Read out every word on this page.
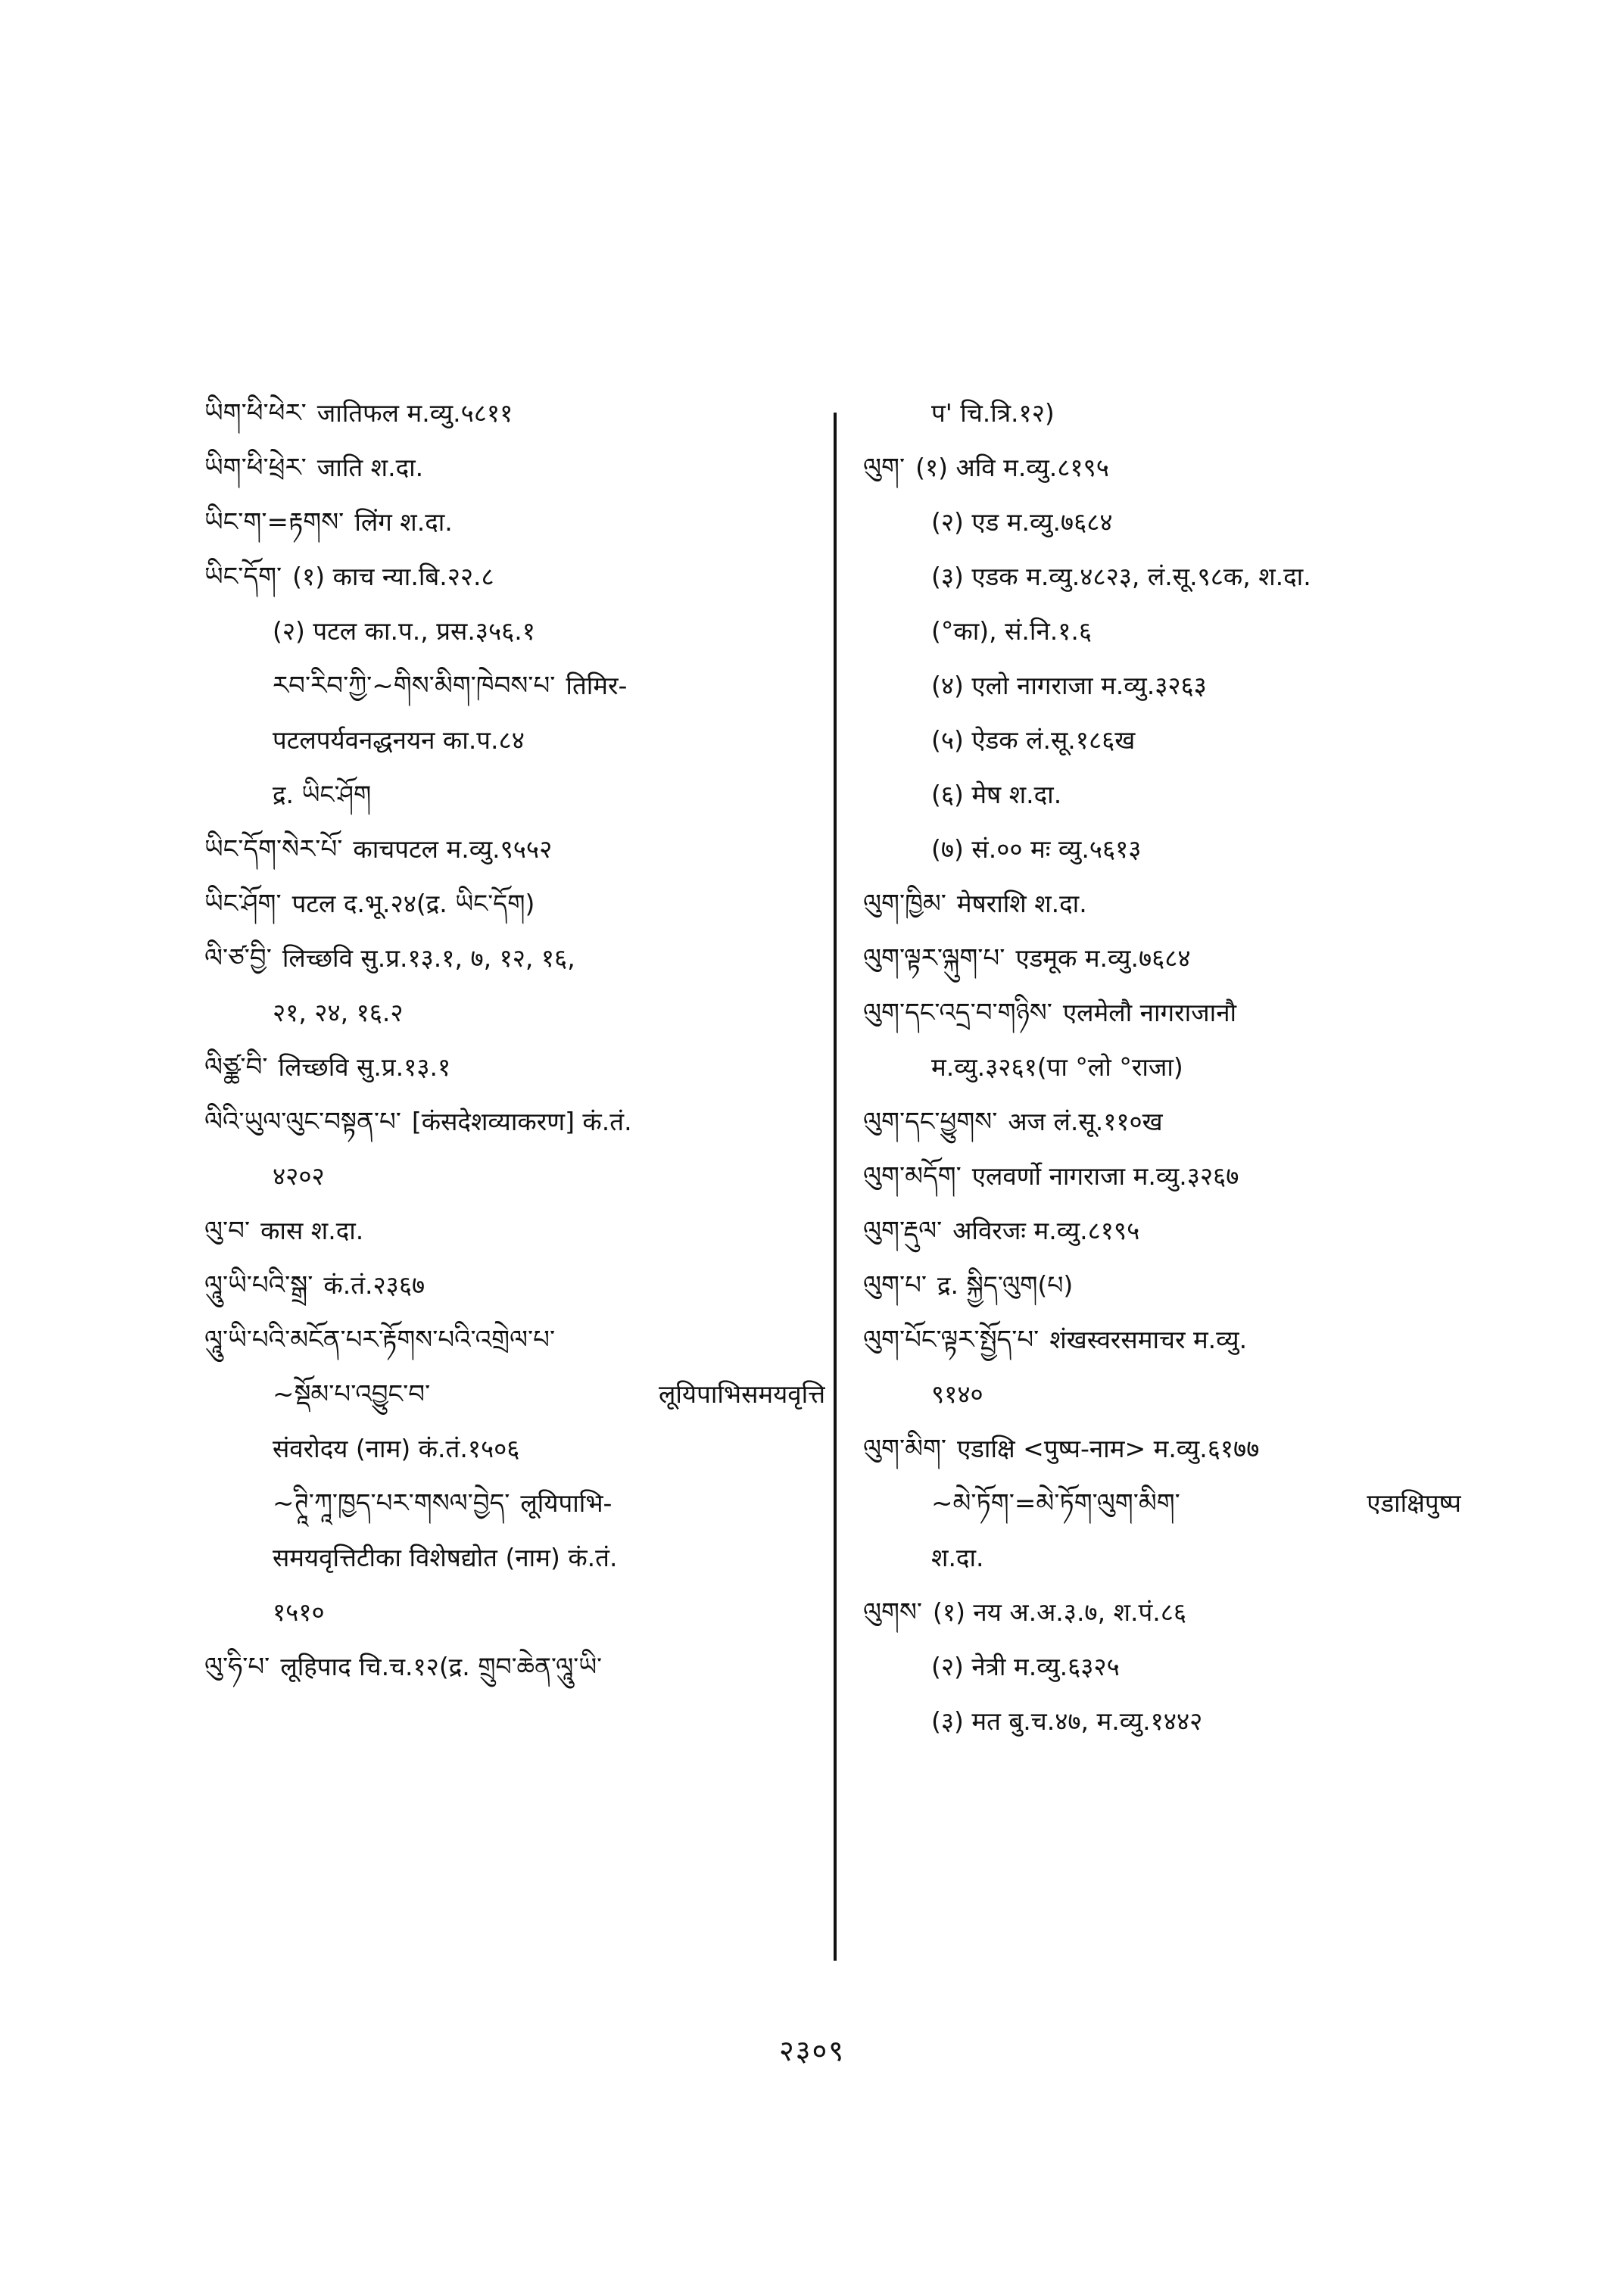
ཡིག་ཕི་ཕེར་ जातिफल म.व्यु.५८११
ཡིག་ཕི་ཕྲེར་ जाति श.दा.
ཡིང་ག་=རྟགས་ लिंग श.दा.
ཡིང་དོག་ (१) काच न्या.बि.२२.८
(२) पटल का.प., प्रस.३५६.१
རབ་རིབ་ཀྱི་~གིས་མིག་ཁེབས་པ་ तिमिर-
पटलपर्यवनद्धनयन का.प.८४
द्र. ཡིང་ཤོག
ཡིང་དོག་སེར་པོ་ काचपटल म.व्यु.९५५२
ཡིང་ཤོག་ पटल द.भू.२४(द्र. ཡིང་དོག)
ལི་ཙ་བྱི་ लिच्छवि सु.प्र.१३.१, ७, १२, १६,
२१, २४, १६.२
ལིཙྪ་བི་ लिच्छवि सु.प्र.१३.१
ལིའི་ཡུལ་ལུང་བསྟན་པ་ [कंसदेशव्याकरण] कं.तं.
४२०२
ལུ་བ་ कास श.दा.
ལཱུ་ཡི་པའི་སྒྲ་ कं.तं.२३६७
ལཱུ་ཡི་པའི་མངོན་པར་རྟོགས་པའི་འགྲེལ་པ་
~སྡོམ་པ་འབྱུང་བ་	लूयिपाभिसमयवृत्ति
संवरोदय (नाम) कं.तं.१५०६
~ཊཱི་ཀཱ་ཁྱད་པར་གསལ་བྱེད་ लूयिपाभि-
समयवृत्तिटीका विशेषद्योत (नाम) कं.तं.
१५१०
ལུ་ཧི་པ་ लूहिपाद चि.च.१२(द्र. གྲུབ་ཆེན་ལཱུ་ཡི་
प' चि.त्रि.१२)
ལུག་ (१) अवि म.व्यु.८१९५
(२) एड म.व्यु.७६८४
(३) एडक म.व्यु.४८२३, लं.सू.९८क, श.दा.
(°का), सं.नि.१.६
(४) एलो नागराजा म.व्यु.३२६३
(५) ऐडक लं.सू.१८६ख
(६) मेष श.दा.
(७) सं.०० मः व्यु.५६१३
ལུག་ཁྱིམ་ मेषराशि श.दा.
ལུག་ལྟར་ལྐུག་པ་ एडमूक म.व्यु.७६८४
ལུག་དང་འདྲ་བ་གཉིས་ एलमेलौ नागराजानौ
म.व्यु.३२६१(पा °लो °राजा)
ལུག་དང་ཕྱུགས་ अज लं.सू.११०ख
ལུག་མདོག་ एलवर्णो नागराजा म.व्यु.३२६७
ལུག་རྡུལ་ अविरजः म.व्यु.८१९५
ལུག་པ་ द्र. སྐྱིད་ལུག(པ)
ལུག་པོང་ལྟར་སྤྱོད་པ་ शंखस्वरसमाचर म.व्यु.
९१४०
ལུག་མིག་ एडाक्षि <पुष्प-नाम> म.व्यु.६१७७
~མེ་ཏོག་=མེ་ཏོག་ལུག་མིག་	एडाक्षिपुष्प
श.दा.
ལུགས་ (१) नय अ.अ.३.७, श.पं.८६
(२) नेत्री म.व्यु.६३२५
(३) मत बु.च.४७, म.व्यु.१४४२
२३०९
